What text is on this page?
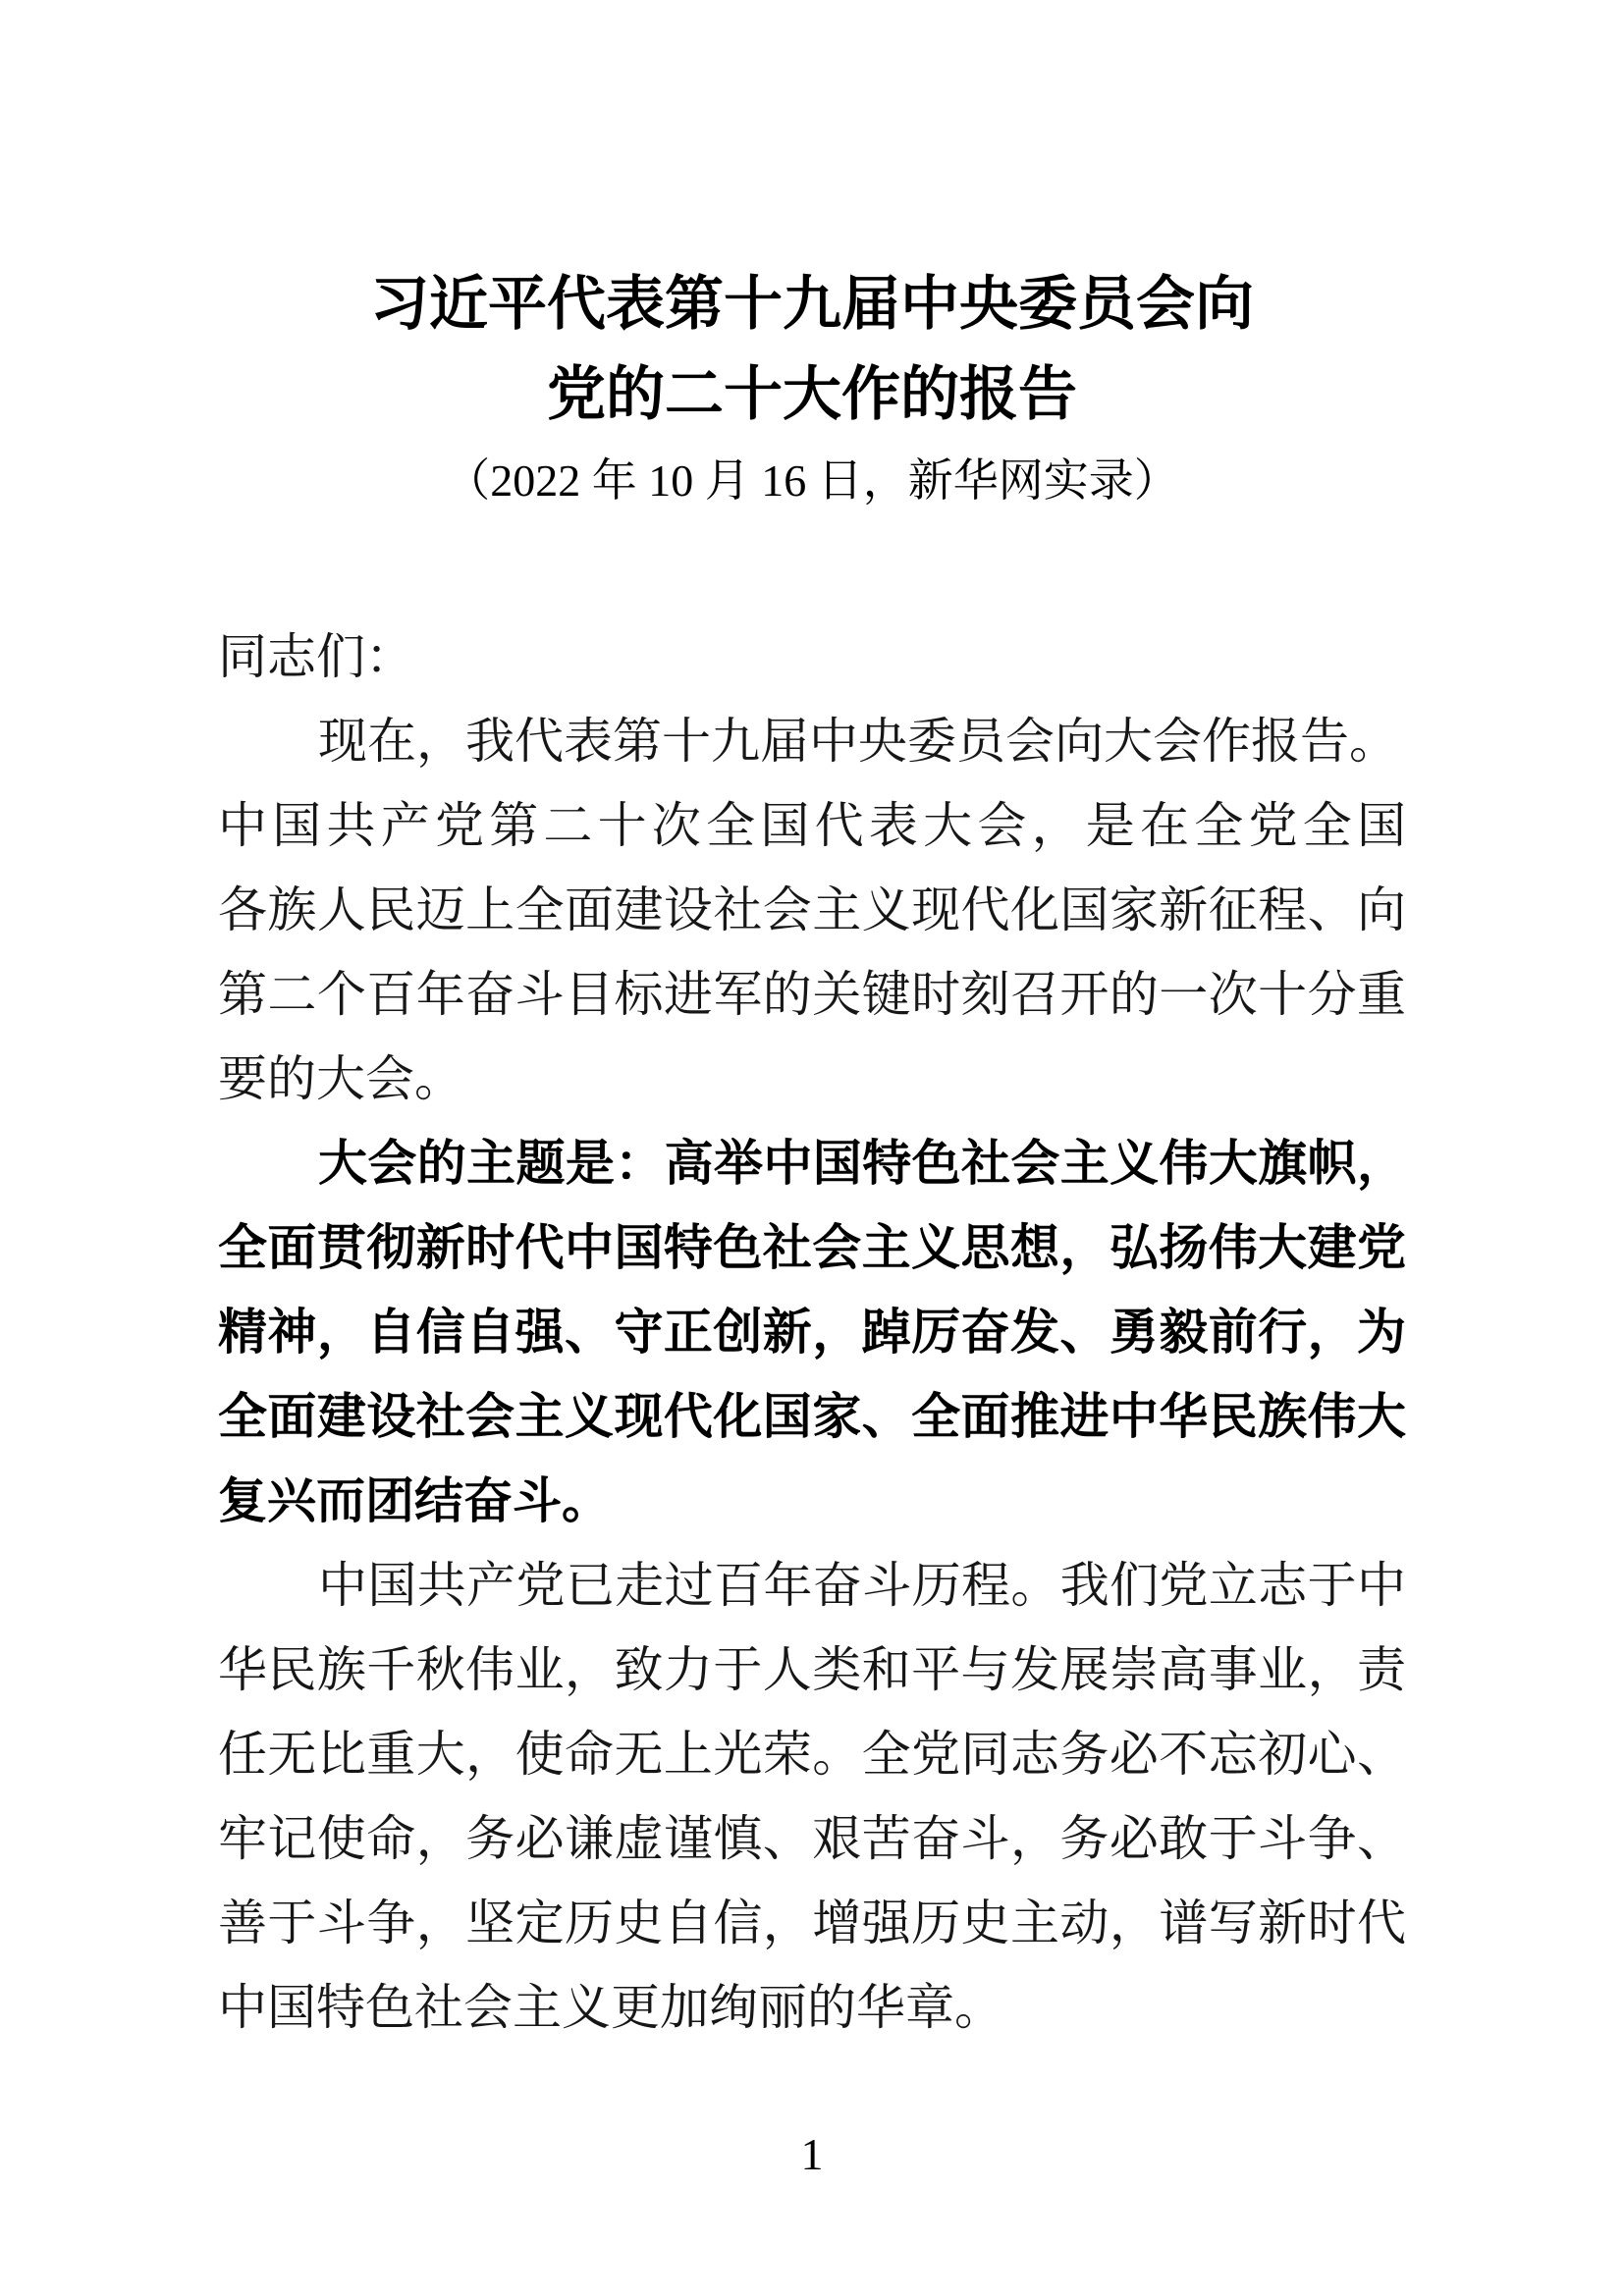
习近平代表第十九届中央委员会向
党的二十大作的报告
（2022 年 10 月 16 日，新华网实录）
同志们：
现在，我代表第十九届中央委员会向大会作报告。
中国共产党第二十次全国代表大会，是在全党全国
各族人民迈上全面建设社会主义现代化国家新征程、向
第二个百年奋斗目标进军的关键时刻召开的一次十分重
要的大会。
大会的主题是：高举中国特色社会主义伟大旗帜，
全面贯彻新时代中国特色社会主义思想，弘扬伟大建党
精神，自信自强、守正创新，踔厉奋发、勇毅前行，为
全面建设社会主义现代化国家、全面推进中华民族伟大
复兴而团结奋斗。
中国共产党已走过百年奋斗历程。我们党立志于中
华民族千秋伟业，致力于人类和平与发展崇高事业，责
任无比重大，使命无上光荣。全党同志务必不忘初心、
牢记使命，务必谦虚谨慎、艰苦奋斗，务必敢于斗争、
善于斗争，坚定历史自信，增强历史主动，谱写新时代
中国特色社会主义更加绚丽的华章。
1
